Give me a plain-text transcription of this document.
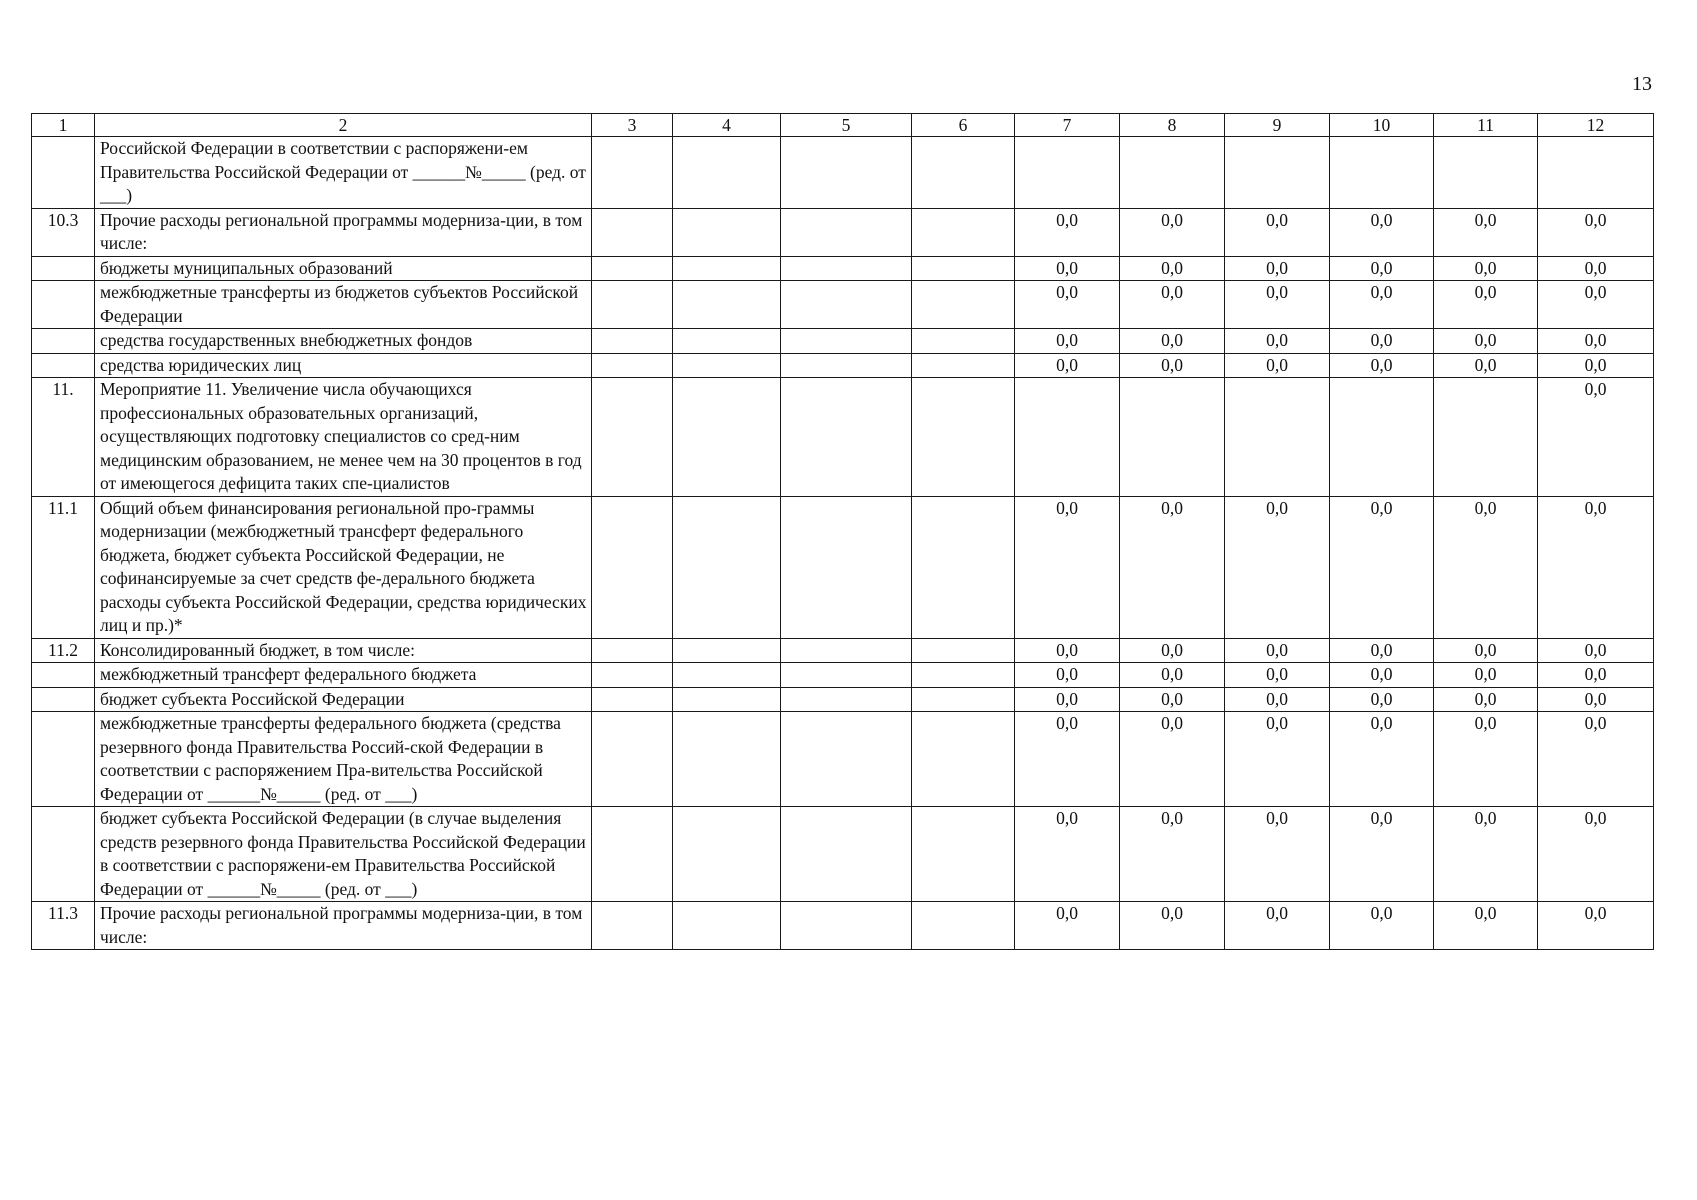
13
1	2	3	4	5	6	7	8	9	10	11	12
	Российской Федерации в соответствии с распоряжени-ем Правительства Российской Федерации от ______№_____ (ред. от ___)										
10.3	Прочие расходы региональной программы модерниза-ции, в том числе:					0,0	0,0	0,0	0,0	0,0	0,0
	бюджеты муниципальных образований					0,0	0,0	0,0	0,0	0,0	0,0
	межбюджетные трансферты из бюджетов субъектов Российской Федерации					0,0	0,0	0,0	0,0	0,0	0,0
	средства государственных внебюджетных фондов					0,0	0,0	0,0	0,0	0,0	0,0
	средства юридических лиц					0,0	0,0	0,0	0,0	0,0	0,0
11.	Мероприятие 11. Увеличение числа обучающихся профессиональных образовательных организаций, осуществляющих подготовку специалистов со сред-ним медицинским образованием, не менее чем на 30 процентов в год от имеющегося дефицита таких спе-циалистов										0,0
11.1	Общий объем финансирования региональной про-граммы модернизации (межбюджетный трансферт федерального бюджета, бюджет субъекта Российской Федерации, не софинансируемые за счет средств фе-дерального бюджета расходы субъекта Российской Федерации, средства юридических лиц и пр.)*					0,0	0,0	0,0	0,0	0,0	0,0
11.2	Консолидированный бюджет, в том числе:					0,0	0,0	0,0	0,0	0,0	0,0
	межбюджетный трансферт федерального бюджета					0,0	0,0	0,0	0,0	0,0	0,0
	бюджет субъекта Российской Федерации					0,0	0,0	0,0	0,0	0,0	0,0
	межбюджетные трансферты федерального бюджета (средства резервного фонда Правительства Россий-ской Федерации в соответствии с распоряжением Пра-вительства Российской Федерации от ______№_____ (ред. от ___)					0,0	0,0	0,0	0,0	0,0	0,0
	бюджет субъекта Российской Федерации (в случае выделения средств резервного фонда Правительства Российской Федерации в соответствии с распоряжени-ем Правительства Российской Федерации от ______№_____ (ред. от ___)					0,0	0,0	0,0	0,0	0,0	0,0
11.3	Прочие расходы региональной программы модерниза-ции, в том числе:					0,0	0,0	0,0	0,0	0,0	0,0
